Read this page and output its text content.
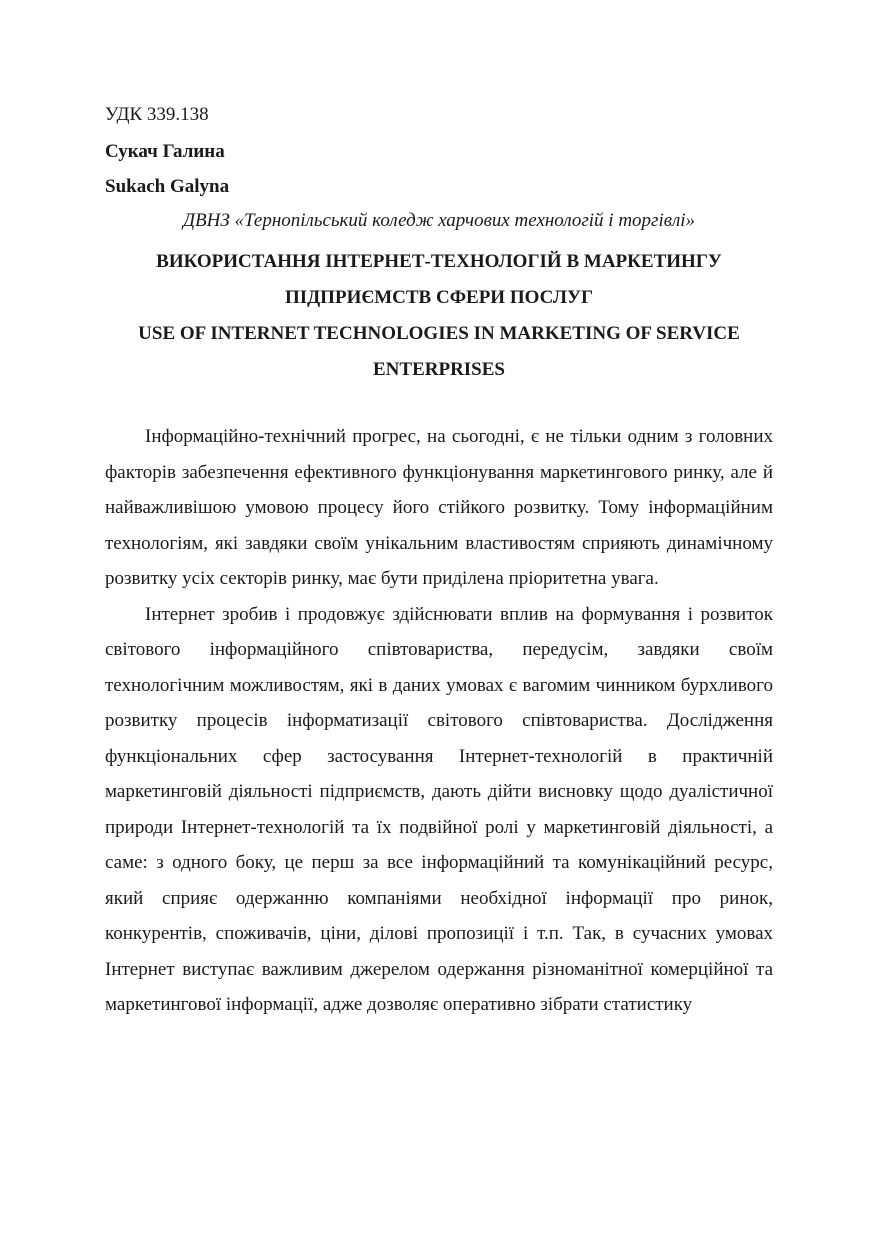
УДК 339.138
Сукач Галина
Sukach Galyna
ДВНЗ «Тернопільський коледж харчових технологій і торгівлі»
ВИКОРИСТАННЯ ІНТЕРНЕТ-ТЕХНОЛОГІЙ В МАРКЕТИНГУ
ПІДПРИЄМСТВ СФЕРИ ПОСЛУГ
USE OF INTERNET TECHNOLOGIES IN MARKETING OF SERVICE
ENTERPRISES

Інформаційно-технічний прогрес, на сьогодні, є не тільки одним з головних факторів забезпечення ефективного функціонування маркетингового ринку, але й найважливішою умовою процесу його стійкого розвитку. Тому інформаційним технологіям, які завдяки своїм унікальним властивостям сприяють динамічному розвитку усіх секторів ринку, має бути приділена пріоритетна увага.

Інтернет зробив і продовжує здійснювати вплив на формування і розвиток світового інформаційного співтовариства, передусім, завдяки своїм технологічним можливостям, які в даних умовах є вагомим чинником бурхливого розвитку процесів інформатизації світового співтовариства. Дослідження функціональних сфер застосування Інтернет-технологій в практичній маркетинговій діяльності підприємств, дають дійти висновку щодо дуалістичної природи Інтернет-технологій та їх подвійної ролі у маркетинговій діяльності, а саме: з одного боку, це перш за все інформаційний та комунікаційний ресурс, який сприяє одержанню компаніями необхідної інформації про ринок, конкурентів, споживачів, ціни, ділові пропозиції і т.п. Так, в сучасних умовах Інтернет виступає важливим джерелом одержання різноманітної комерційної та маркетингової інформації, адже дозволяє оперативно зібрати статистику
